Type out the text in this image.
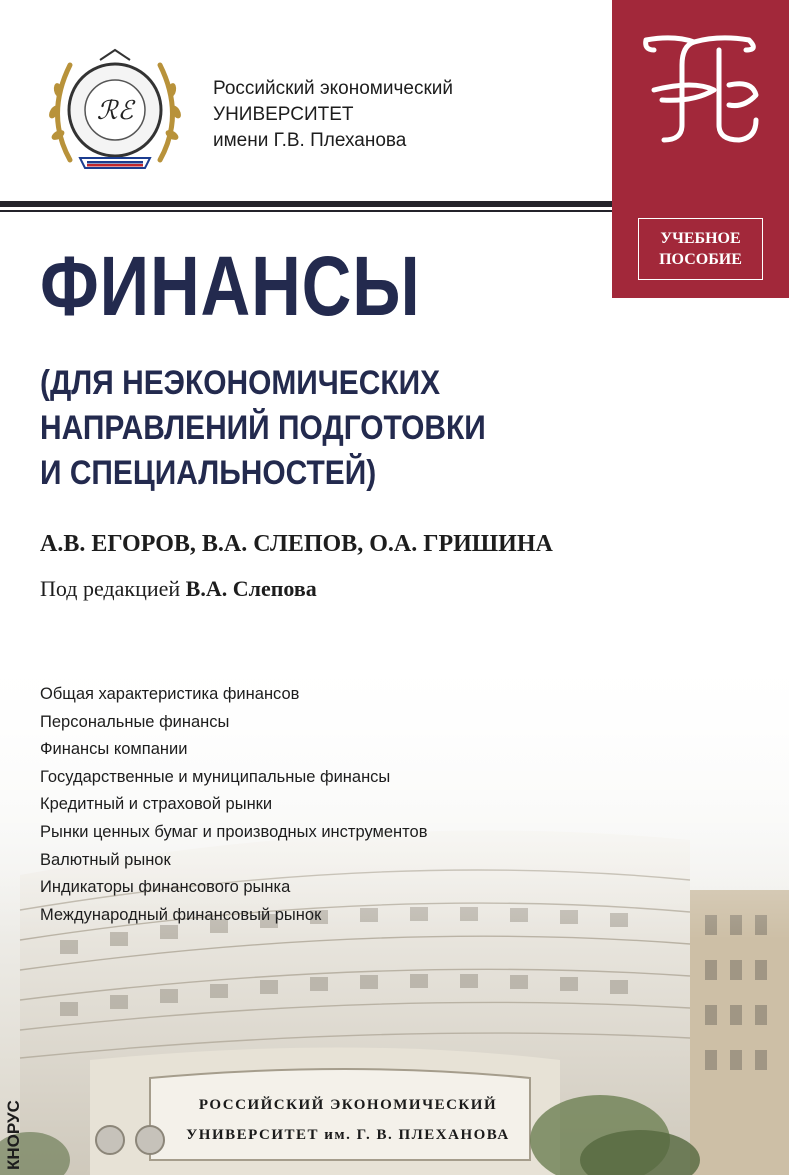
ℛℰ
Российский экономический
УНИВЕРСИТЕТ
имени Г.В. Плеханова
УЧЕБНОЕ
ПОСОБИЕ
ФИНАНСЫ
(ДЛЯ НЕЭКОНОМИЧЕСКИХ
НАПРАВЛЕНИЙ ПОДГОТОВКИ
И СПЕЦИАЛЬНОСТЕЙ)
А.В. ЕГОРОВ, В.А. СЛЕПОВ, О.А. ГРИШИНА
Под редакцией В.А. Слепова
Общая характеристика финансов
Персональные финансы
Финансы компании
Государственные и муниципальные финансы
Кредитный и страховой рынки
Рынки ценных бумаг и производных инструментов
Валютный рынок
Индикаторы финансового рынка
Международный финансовый рынок
РОССИЙСКИЙ ЭКОНОМИЧЕСКИЙ
УНИВЕРСИТЕТ им. Г. В. ПЛЕХАНОВА
КНОРУС
